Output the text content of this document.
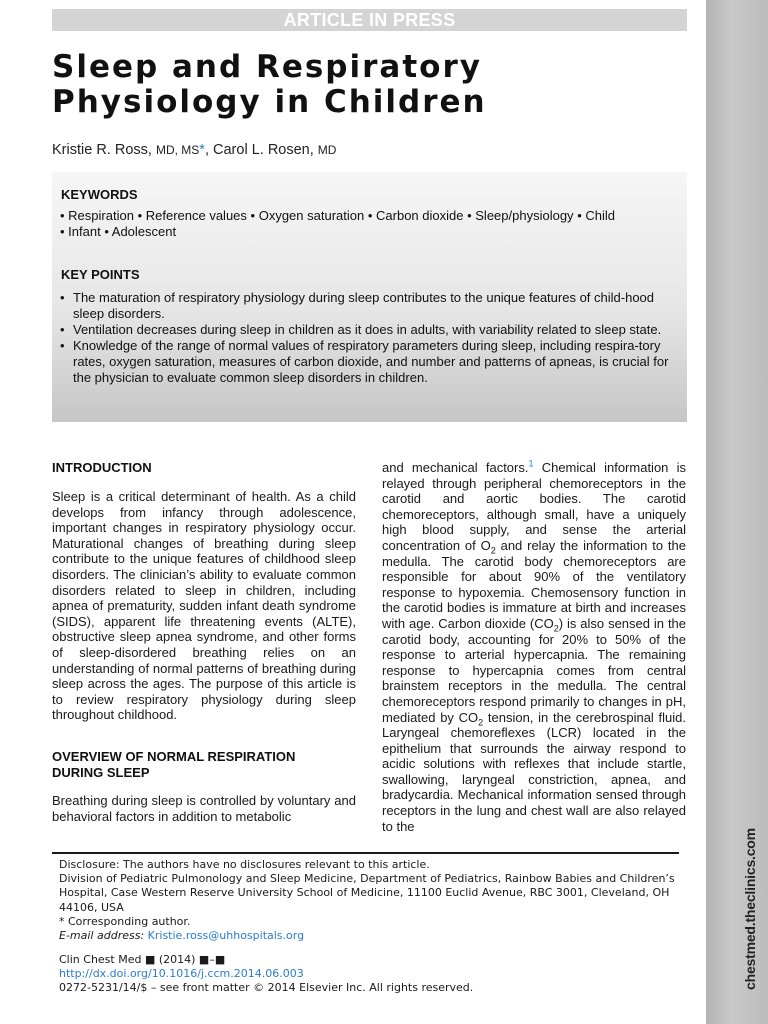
chestmed.theclinics.com
ARTICLE IN PRESS
Sleep and Respiratory
Physiology in Children

Kristie R. Ross, MD, MS*, Carol L. Rosen, MD

KEYWORDS
• Respiration • Reference values • Oxygen saturation • Carbon dioxide • Sleep/physiology • Child
• Infant • Adolescent
KEY POINTS
• The maturation of respiratory physiology during sleep contributes to the unique features of child-hood sleep disorders.
• Ventilation decreases during sleep in children as it does in adults, with variability related to sleep state.
• Knowledge of the range of normal values of respiratory parameters during sleep, including respira-tory rates, oxygen saturation, measures of carbon dioxide, and number and patterns of apneas, is crucial for the physician to evaluate common sleep disorders in children.
INTRODUCTION

Sleep is a critical determinant of health. As a child develops from infancy through adolescence, important changes in respiratory physiology occur. Maturational changes of breathing during sleep contribute to the unique features of childhood sleep disorders. The clinician’s ability to evaluate common disorders related to sleep in children, including apnea of prematurity, sudden infant death syndrome (SIDS), apparent life threatening events (ALTE), obstructive sleep apnea syndrome, and other forms of sleep-disordered breathing relies on an understanding of normal patterns of breathing during sleep across the ages. The purpose of this article is to review respiratory physiology during sleep throughout childhood.

OVERVIEW OF NORMAL RESPIRATION DURING SLEEP

Breathing during sleep is controlled by voluntary and behavioral factors in addition to metabolic

and mechanical factors.$^1$ Chemical information is relayed through peripheral chemoreceptors in the carotid and aortic bodies. The carotid chemoreceptors, although small, have a uniquely high blood supply, and sense the arterial concentration of $O_2$ and relay the information to the medulla. The carotid body chemoreceptors are responsible for about 90% of the ventilatory response to hypoxemia. Chemosensory function in the carotid bodies is immature at birth and increases with age. Carbon dioxide $(CO_2)$ is also sensed in the carotid body, accounting for 20% to 50% of the response to arterial hypercapnia. The remaining response to hypercapnia comes from central brainstem receptors in the medulla. The central chemoreceptors respond primarily to changes in pH, mediated by $CO_2$ tension, in the cerebrospinal fluid. Laryngeal chemoreflexes (LCR) located in the epithelium that surrounds the airway respond to acidic solutions with reflexes that include startle, swallowing, laryngeal constriction, apnea, and bradycardia. Mechanical information sensed through receptors in the lung and chest wall are also relayed to the

Disclosure: The authors have no disclosures relevant to this article.

Division of Pediatric Pulmonology and Sleep Medicine, Department of Pediatrics, Rainbow Babies and Children’s Hospital, Case Western Reserve University School of Medicine, 11100 Euclid Avenue, RBC 3001, Cleveland, OH 44106, USA

* Corresponding author.

E-mail address: Kristie.ross@uhhospitals.org

Clin Chest Med ■ (2014) ■–■

http://dx.doi.org/10.1016/j.ccm.2014.06.003

0272-5231/14/$ – see front matter © 2014 Elsevier Inc. All rights reserved.
